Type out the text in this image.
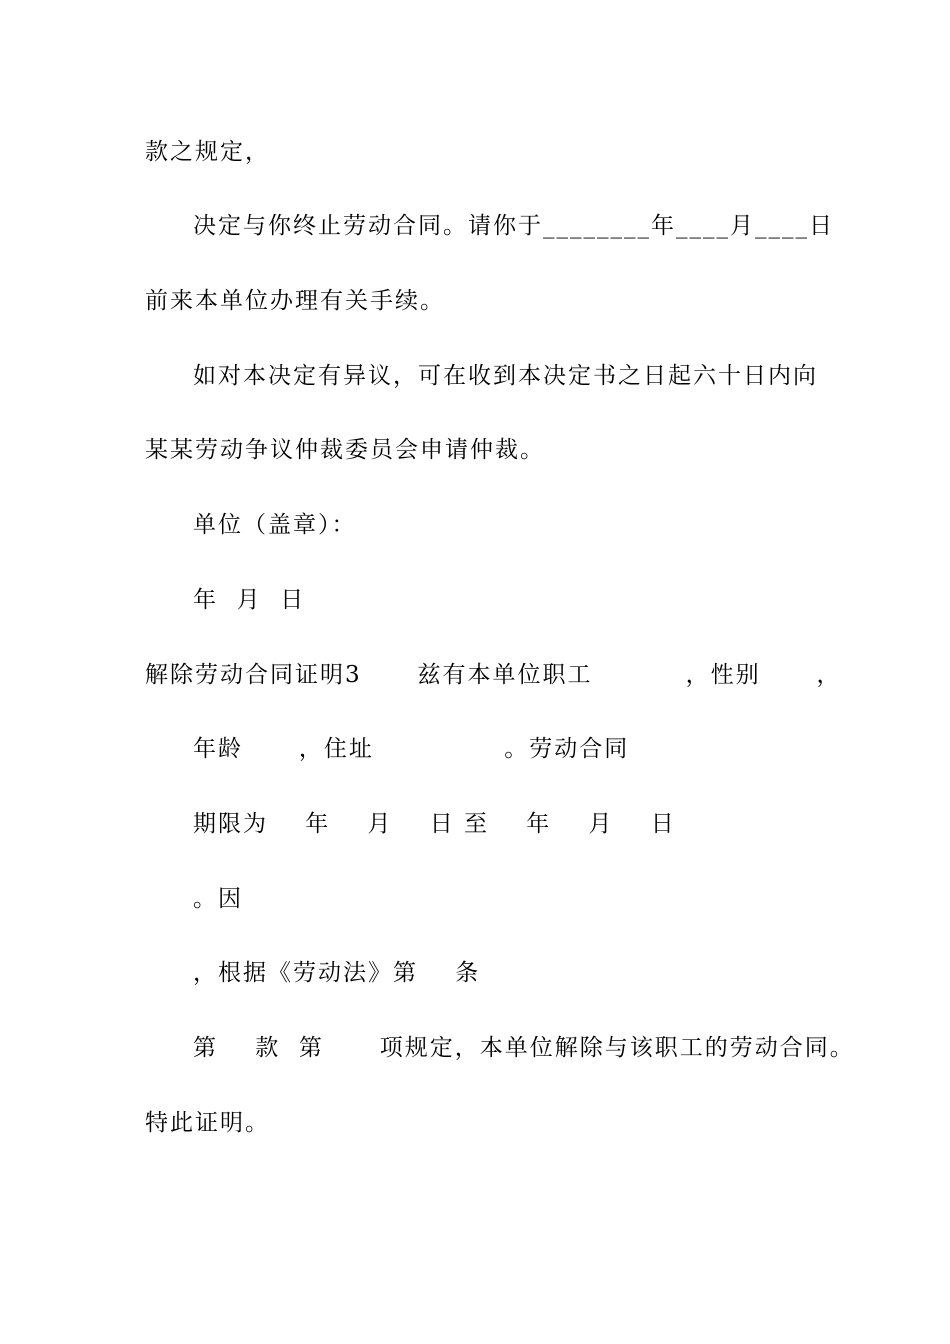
款之规定，
决定与你终止劳动合同。请你于________年____月____日
前来本单位办理有关手续。
如对本决定有异议，可在收到本决定书之日起六十日内向
某某劳动争议仲裁委员会申请仲裁。
单位（盖章）：
年  月  日
解除劳动合同证明3      兹有本单位职工          ，性别      ，
年龄      ，住址              。劳动合同
期限为    年    月    日 至    年    月    日
。因
，根据《劳动法》第    条
第    款  第      项规定，本单位解除与该职工的劳动合同。
特此证明。
